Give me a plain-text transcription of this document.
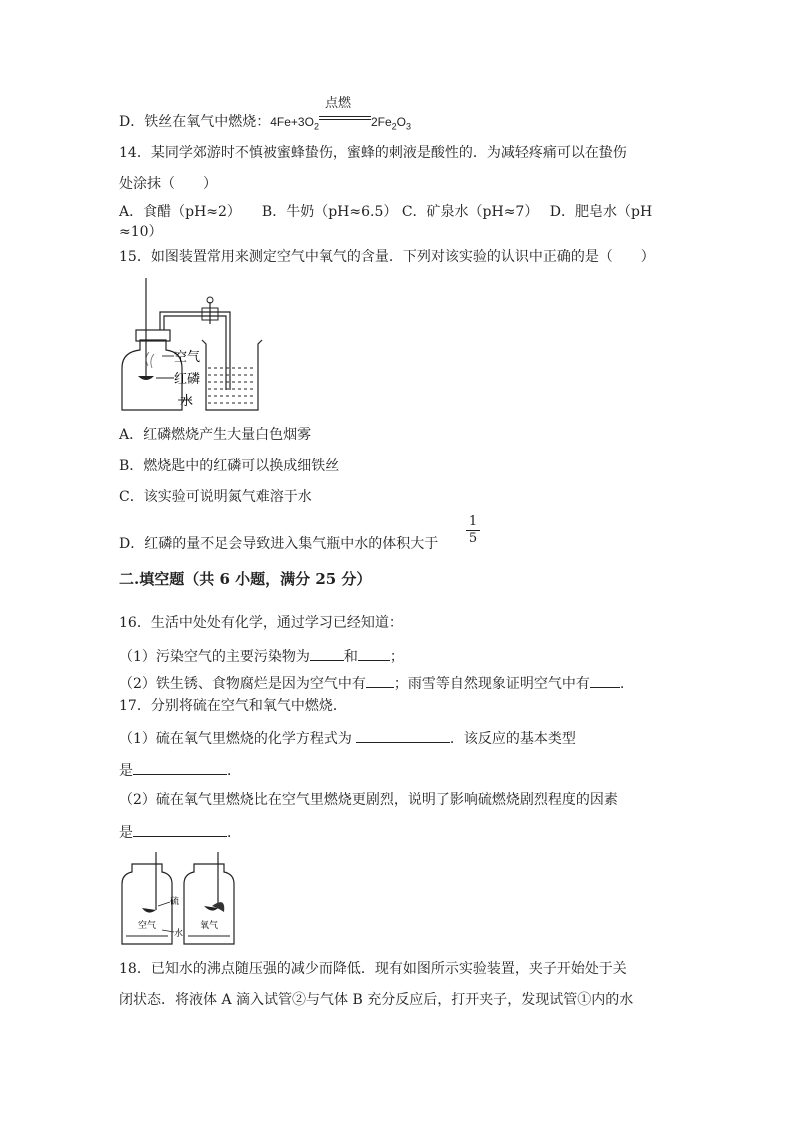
D．铁丝在氧气中燃烧：$4Fe+3O_2$
点燃
$2Fe_2O_3$
14．某同学郊游时不慎被蜜蜂蛰伤，蜜蜂的刺液是酸性的．为减轻疼痛可以在蛰伤
处涂抹（　　）
A．食醋（pH≈2）　　B．牛奶（pH≈6.5） C．矿泉水（pH≈7）　 D．肥皂水（pH
≈10）
15．如图装置常用来测定空气中氧气的含量．下列对该实验的认识中正确的是（　　）
空气
红磷
水
A．红磷燃烧产生大量白色烟雾
B．燃烧匙中的红磷可以换成细铁丝
C．该实验可说明氮气难溶于水
D．红磷的量不足会导致进入集气瓶中水的体积大于 $\frac{1}{5}$
二.填空题（共 6 小题，满分 25 分）
16．生活中处处有化学，通过学习已经知道：
（1）污染空气的主要污染物为 和 ；
（2）铁生锈、食物腐烂是因为空气中有 ；雨雪等自然现象证明空气中有 .
17．分别将硫在空气和氧气中燃烧．
（1）硫在氧气里燃烧的化学方程式为	．该反应的基本类型
是	．
（2）硫在氧气里燃烧比在空气里燃烧更剧烈，说明了影响硫燃烧剧烈程度的因素
是	．
硫
空气	氧气
水
18．已知水的沸点随压强的减少而降低．现有如图所示实验装置，夹子开始处于关
闭状态．将液体 A 滴入试管②与气体 B 充分反应后，打开夹子，发现试管①内的水
